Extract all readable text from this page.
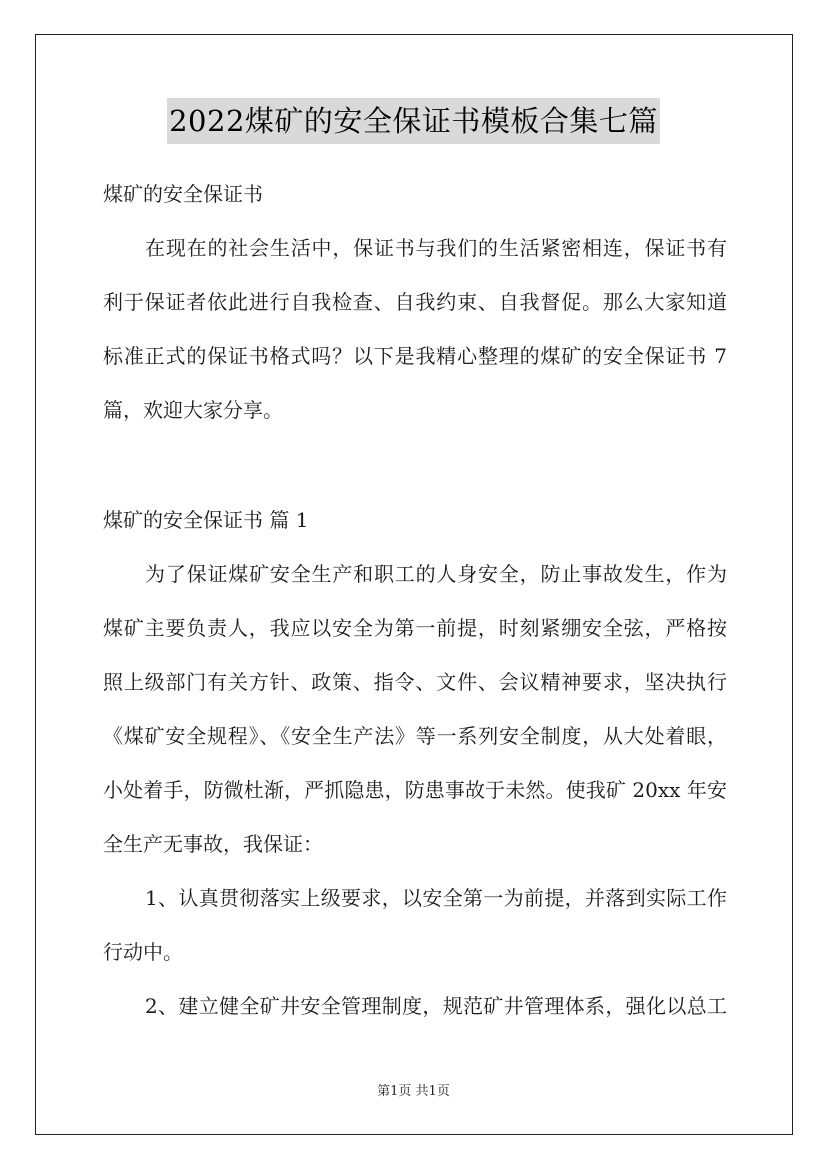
2022煤矿的安全保证书模板合集七篇
煤矿的安全保证书
在现在的社会生活中，保证书与我们的生活紧密相连，保证书有
利于保证者依此进行自我检查、自我约束、自我督促。那么大家知道
标准正式的保证书格式吗？以下是我精心整理的煤矿的安全保证书 7
篇，欢迎大家分享。
煤矿的安全保证书 篇 1
为了保证煤矿安全生产和职工的人身安全，防止事故发生，作为
煤矿主要负责人，我应以安全为第一前提，时刻紧绷安全弦，严格按
照上级部门有关方针、政策、指令、文件、会议精神要求，坚决执行
《煤矿安全规程》、《安全生产法》等一系列安全制度，从大处着眼，
小处着手，防微杜渐，严抓隐患，防患事故于未然。使我矿 20xx 年安
全生产无事故，我保证：
1、认真贯彻落实上级要求，以安全第一为前提，并落到实际工作
行动中。
2、建立健全矿井安全管理制度，规范矿井管理体系，强化以总工
第1页 共1页
